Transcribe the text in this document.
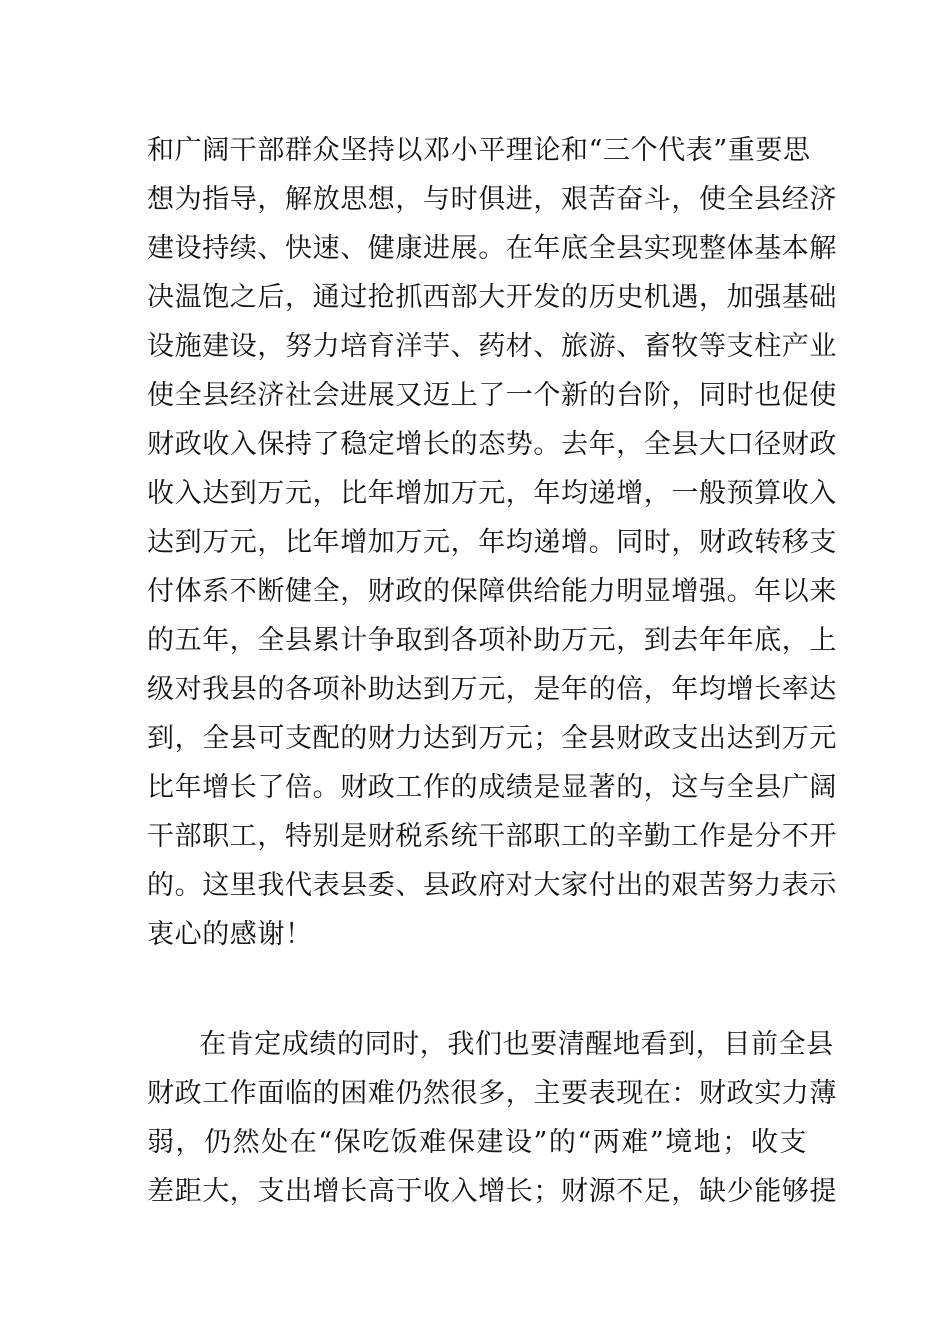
和广阔干部群众坚持以邓小平理论和“三个代表”重要思
想为指导，解放思想，与时俱进，艰苦奋斗，使全县经济
建设持续、快速、健康进展。在年底全县实现整体基本解
决温饱之后，通过抢抓西部大开发的历史机遇，加强基础
设施建设，努力培育洋芋、药材、旅游、畜牧等支柱产业
使全县经济社会进展又迈上了一个新的台阶，同时也促使
财政收入保持了稳定增长的态势。去年，全县大口径财政
收入达到万元，比年增加万元，年均递增，一般预算收入
达到万元，比年增加万元，年均递增。同时，财政转移支
付体系不断健全，财政的保障供给能力明显增强。年以来
的五年，全县累计争取到各项补助万元，到去年年底，上
级对我县的各项补助达到万元，是年的倍，年均增长率达
到，全县可支配的财力达到万元；全县财政支出达到万元
比年增长了倍。财政工作的成绩是显著的，这与全县广阔
干部职工，特别是财税系统干部职工的辛勤工作是分不开
的。这里我代表县委、县政府对大家付出的艰苦努力表示
衷心的感谢！
在肯定成绩的同时，我们也要清醒地看到，目前全县
财政工作面临的困难仍然很多，主要表现在：财政实力薄
弱，仍然处在“保吃饭难保建设”的“两难”境地；收支
差距大，支出增长高于收入增长；财源不足，缺少能够提
